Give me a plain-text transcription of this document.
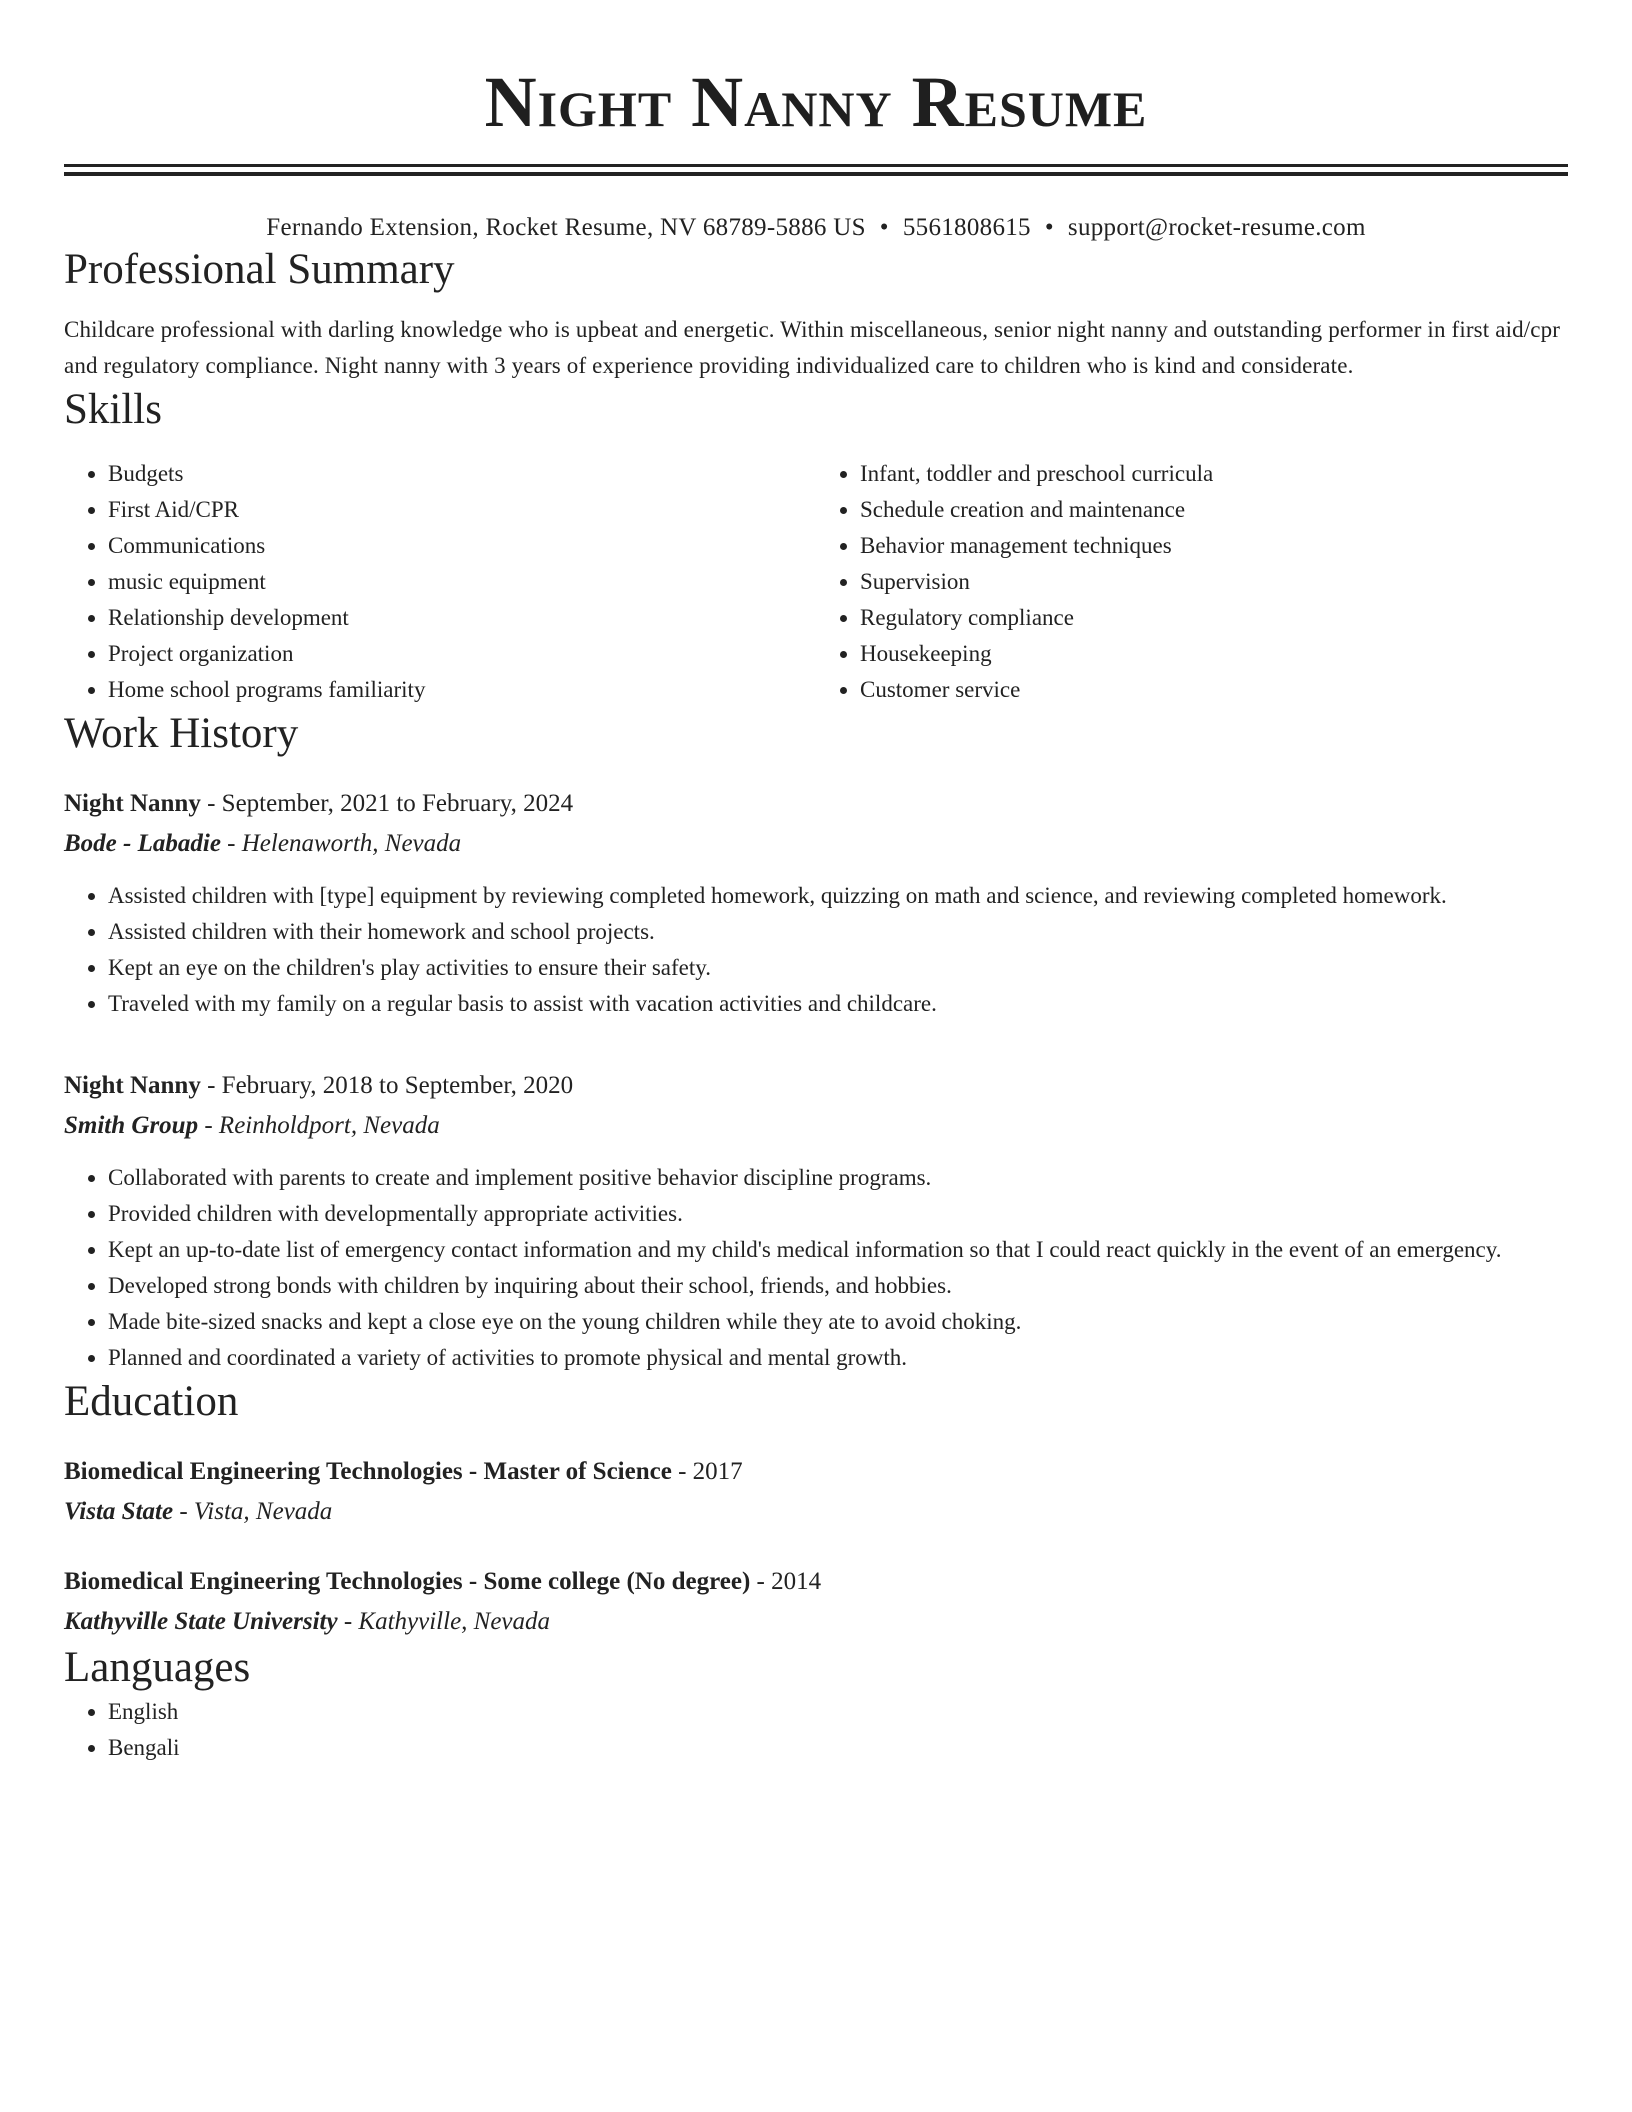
Night Nanny Resume
Fernando Extension, Rocket Resume, NV 68789-5886 US • 5561808615 • support@rocket-resume.com
Professional Summary

Childcare professional with darling knowledge who is upbeat and energetic. Within miscellaneous, senior night nanny and outstanding performer in first aid/cpr and regulatory compliance. Night nanny with 3 years of experience providing individualized care to children who is kind and considerate.

Skills
• Budgets
• First Aid/CPR
• Communications
• music equipment
• Relationship development
• Project organization
• Home school programs familiarity
• Infant, toddler and preschool curricula
• Schedule creation and maintenance
• Behavior management techniques
• Supervision
• Regulatory compliance
• Housekeeping
• Customer service
Work History
Night Nanny - September, 2021 to February, 2024
Bode - Labadie - Helenaworth, Nevada
• Assisted children with [type] equipment by reviewing completed homework, quizzing on math and science, and reviewing completed homework.
• Assisted children with their homework and school projects.
• Kept an eye on the children's play activities to ensure their safety.
• Traveled with my family on a regular basis to assist with vacation activities and childcare.
Night Nanny - February, 2018 to September, 2020
Smith Group - Reinholdport, Nevada
• Collaborated with parents to create and implement positive behavior discipline programs.
• Provided children with developmentally appropriate activities.
• Kept an up-to-date list of emergency contact information and my child's medical information so that I could react quickly in the event of an emergency.
• Developed strong bonds with children by inquiring about their school, friends, and hobbies.
• Made bite-sized snacks and kept a close eye on the young children while they ate to avoid choking.
• Planned and coordinated a variety of activities to promote physical and mental growth.
Education
Biomedical Engineering Technologies - Master of Science - 2017
Vista State - Vista, Nevada
Biomedical Engineering Technologies - Some college (No degree) - 2014
Kathyville State University - Kathyville, Nevada
Languages
• English
• Bengali
